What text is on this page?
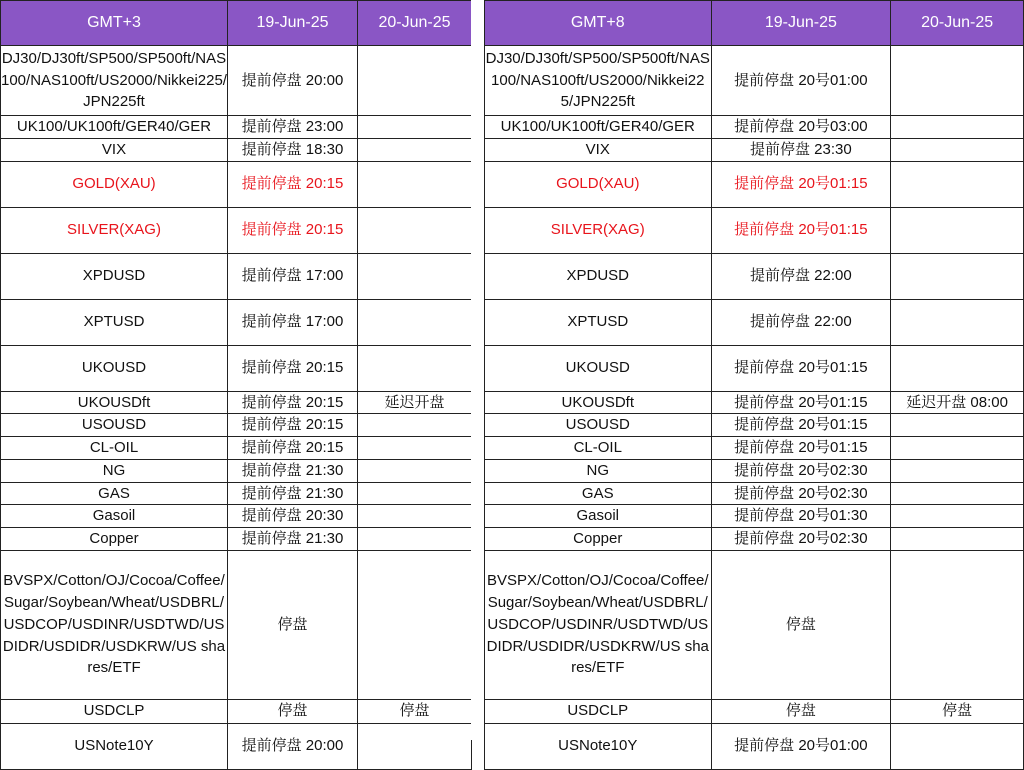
GMT+3	19-Jun-25	20-Jun-25
DJ30/DJ30ft/SP500/SP500ft/NAS100/NAS100ft/US2000/Nikkei225/JPN225ft	提前停盘 20:00	
UK100/UK100ft/GER40/GER	提前停盘 23:00	
VIX	提前停盘 18:30	
GOLD(XAU)	提前停盘 20:15	
SILVER(XAG)	提前停盘 20:15	
XPDUSD	提前停盘 17:00	
XPTUSD	提前停盘 17:00	
UKOUSD	提前停盘 20:15	
UKOUSDft	提前停盘 20:15	延迟开盘
USOUSD	提前停盘 20:15	
CL-OIL	提前停盘 20:15	
NG	提前停盘 21:30	
GAS	提前停盘 21:30	
Gasoil	提前停盘 20:30	
Copper	提前停盘 21:30	
BVSPX/Cotton/OJ/Cocoa/Coffee/Sugar/Soybean/Wheat/USDBRL/USDCOP/USDINR/USDTWD/USDIDR/USDIDR/USDKRW/US shares/ETF	停盘	
USDCLP	停盘	停盘
USNote10Y	提前停盘 20:00	
GMT+8	19-Jun-25	20-Jun-25
DJ30/DJ30ft/SP500/SP500ft/NAS100/NAS100ft/US2000/Nikkei225/JPN225ft	提前停盘 20号01:00	
UK100/UK100ft/GER40/GER	提前停盘 20号03:00	
VIX	提前停盘 23:30	
GOLD(XAU)	提前停盘 20号01:15	
SILVER(XAG)	提前停盘 20号01:15	
XPDUSD	提前停盘 22:00	
XPTUSD	提前停盘 22:00	
UKOUSD	提前停盘 20号01:15	
UKOUSDft	提前停盘 20号01:15	延迟开盘 08:00
USOUSD	提前停盘 20号01:15	
CL-OIL	提前停盘 20号01:15	
NG	提前停盘 20号02:30	
GAS	提前停盘 20号02:30	
Gasoil	提前停盘 20号01:30	
Copper	提前停盘 20号02:30	
BVSPX/Cotton/OJ/Cocoa/Coffee/Sugar/Soybean/Wheat/USDBRL/USDCOP/USDINR/USDTWD/USDIDR/USDIDR/USDKRW/US shares/ETF	停盘	
USDCLP	停盘	停盘
USNote10Y	提前停盘 20号01:00	
